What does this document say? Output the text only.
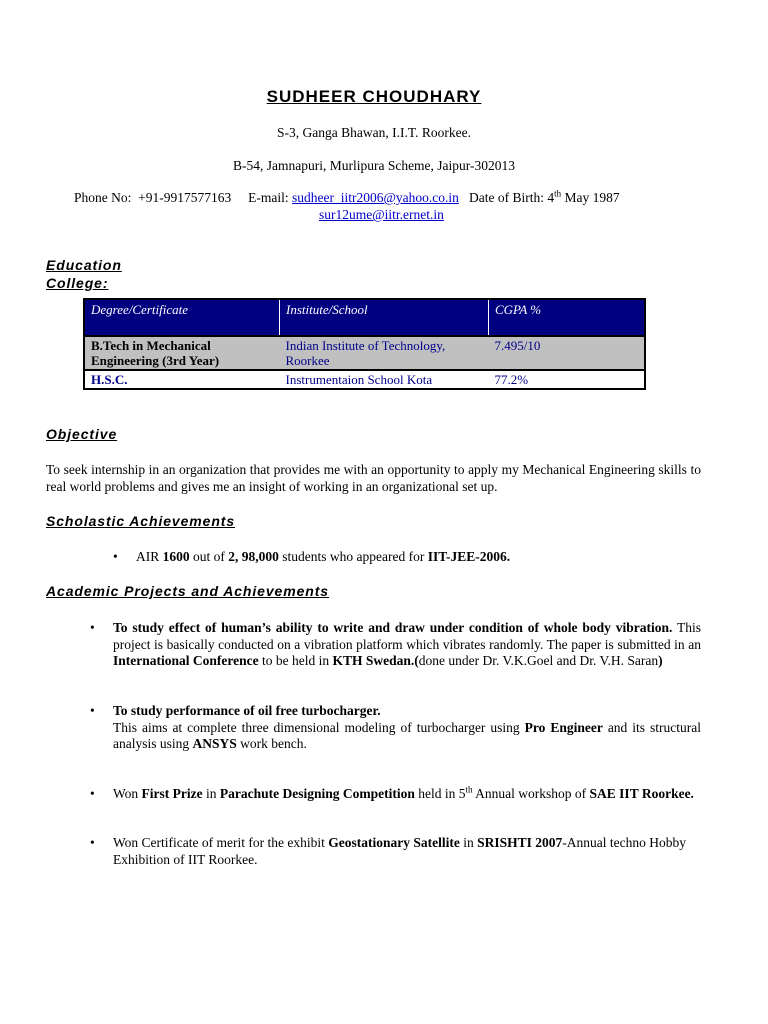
SUDHEER CHOUDHARY
S-3, Ganga Bhawan, I.I.T. Roorkee.
B-54, Jamnapuri, Murlipura Scheme, Jaipur-302013
Phone No: +91-9917577163 E-mail: sudheer_iitr2006@yahoo.co.in Date of Birth: 4th May 1987
sur12ume@iitr.ernet.in
Education
College:
Degree/Certificate	Institute/School	CGPA %
B.Tech in Mechanical Engineering (3rd Year)	Indian Institute of Technology, Roorkee	7.495/10
H.S.C.	Instrumentaion School Kota	77.2%
Objective
To seek internship in an organization that provides me with an opportunity to apply my Mechanical Engineering skills to real world problems and gives me an insight of working in an organizational set up.
Scholastic Achievements
• AIR 1600 out of 2, 98,000 students who appeared for IIT-JEE-2006.
Academic Projects and Achievements
• To study effect of human’s ability to write and draw under condition of whole body vibration. This project is basically conducted on a vibration platform which vibrates randomly. The paper is submitted in an International Conference to be held in KTH Swedan.(done under Dr. V.K.Goel and Dr. V.H. Saran)
• To study performance of oil free turbocharger.
This aims at complete three dimensional modeling of turbocharger using Pro Engineer and its structural analysis using ANSYS work bench.
• Won First Prize in Parachute Designing Competition held in 5th Annual workshop of SAE IIT Roorkee.
• Won Certificate of merit for the exhibit Geostationary Satellite in SRISHTI 2007-Annual techno Hobby Exhibition of IIT Roorkee.
